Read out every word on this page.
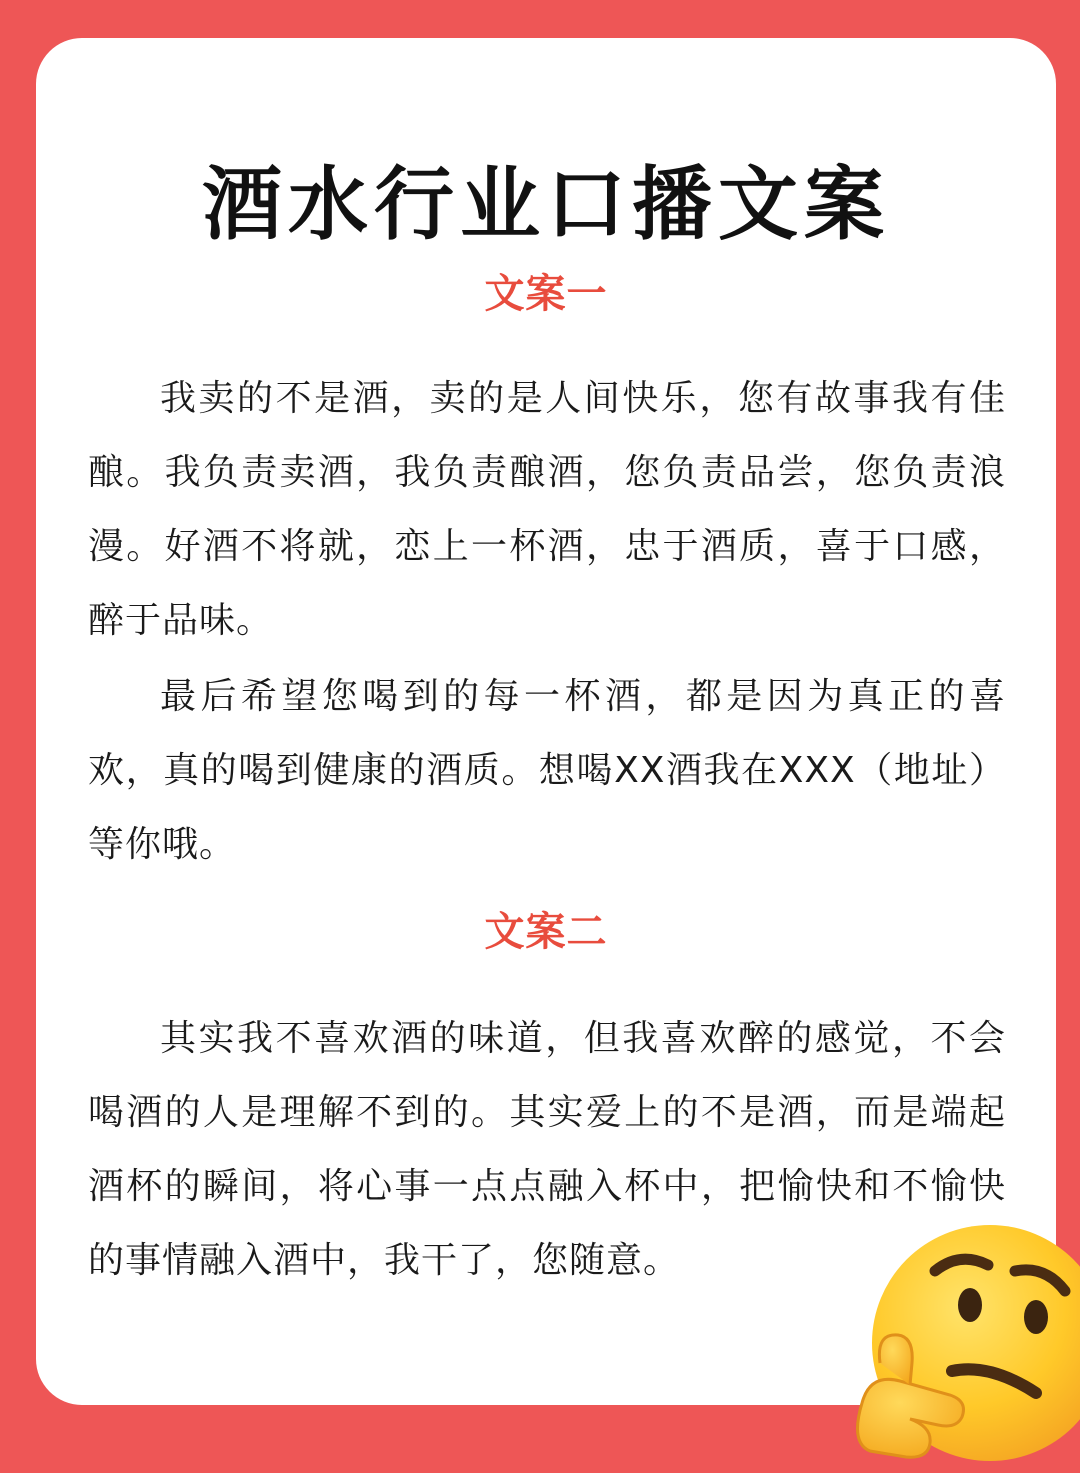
酒水行业口播文案
文案一

我卖的不是酒，卖的是人间快乐，您有故事我有佳酿。我负责卖酒，我负责酿酒，您负责品尝，您负责浪漫。好酒不将就，恋上一杯酒，忠于酒质，喜于口感，醉于品味。

最后希望您喝到的每一杯酒，都是因为真正的喜欢，真的喝到健康的酒质。想喝XX酒我在XXX（地址）等你哦。

文案二

其实我不喜欢酒的味道，但我喜欢醉的感觉，不会喝酒的人是理解不到的。其实爱上的不是酒，而是端起酒杯的瞬间，将心事一点点融入杯中，把愉快和不愉快的事情融入酒中，我干了，您随意。
